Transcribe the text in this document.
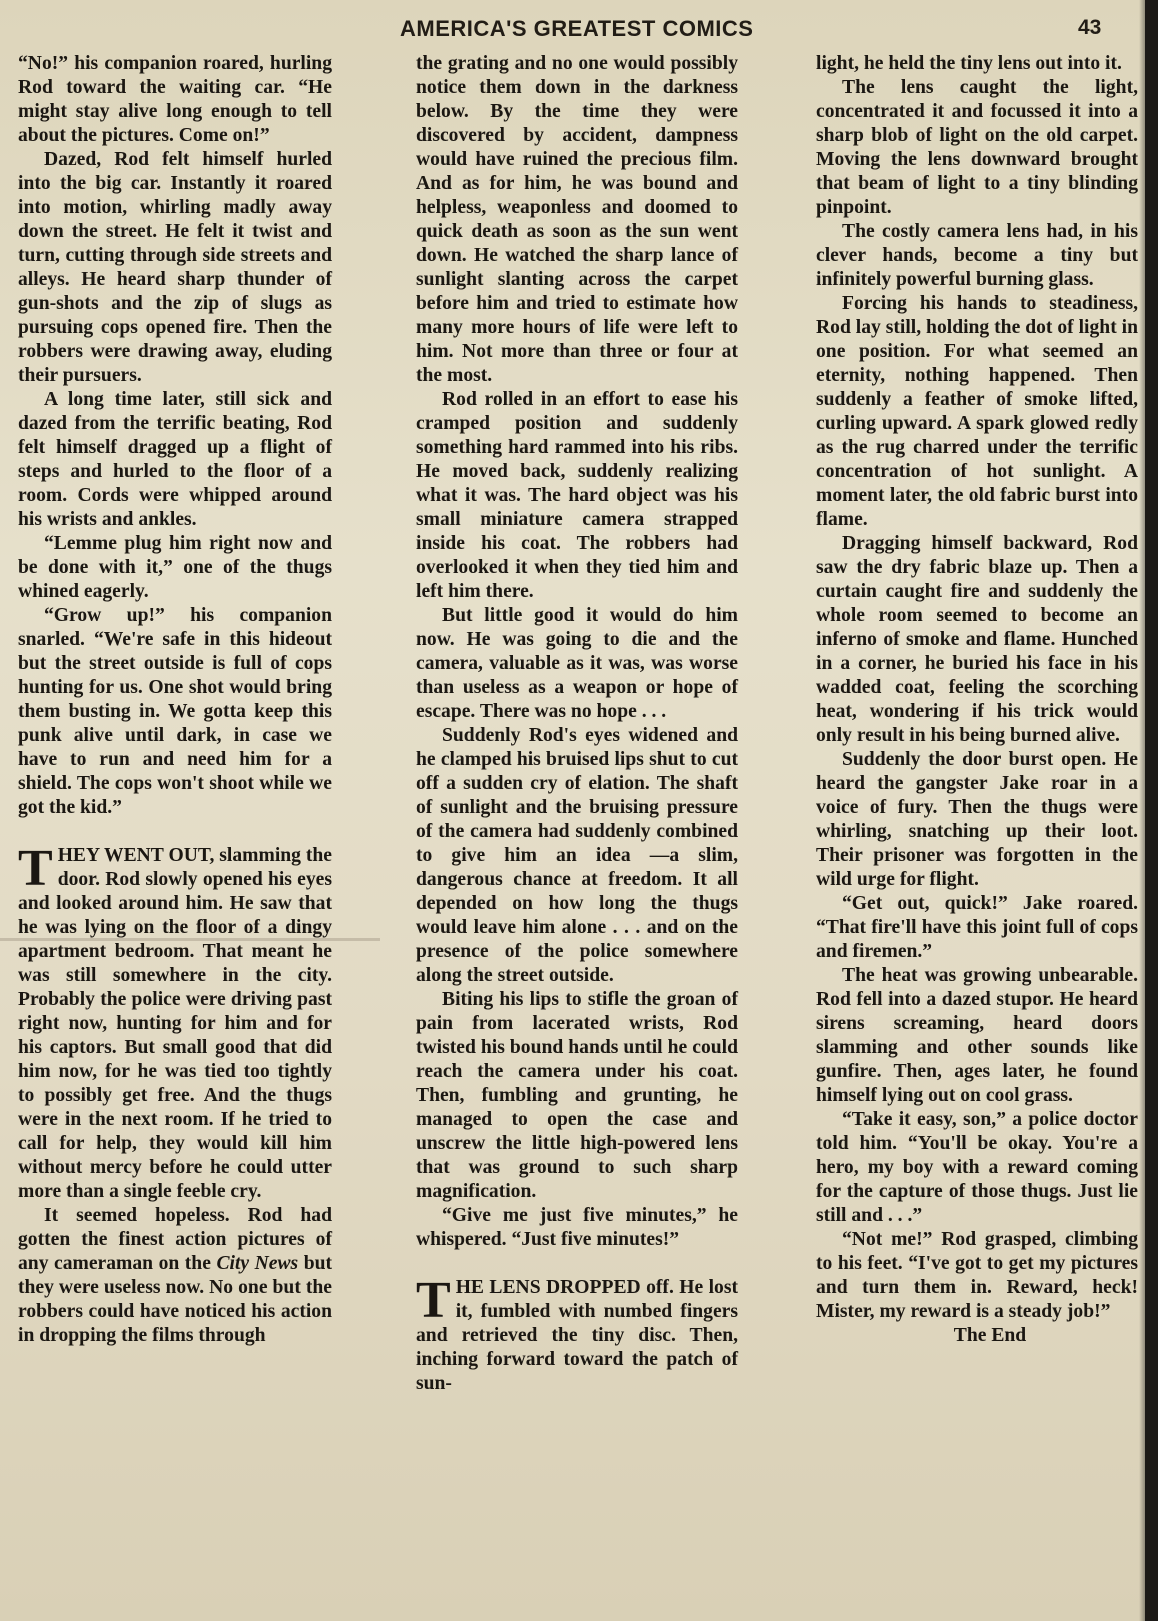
AMERICA'S GREATEST COMICS	43

“No!” his companion roared, hurling Rod toward the waiting car. “He might stay alive long enough to tell about the pictures. Come on!”

Dazed, Rod felt himself hurled into the big car. Instantly it roared into motion, whirling madly away down the street. He felt it twist and turn, cutting through side streets and alleys. He heard sharp thunder of gun-shots and the zip of slugs as pursuing cops opened fire. Then the robbers were drawing away, eluding their pursuers.

A long time later, still sick and dazed from the terrific beating, Rod felt himself dragged up a flight of steps and hurled to the floor of a room. Cords were whipped around his wrists and ankles.

“Lemme plug him right now and be done with it,” one of the thugs whined eagerly.

“Grow up!” his companion snarled. “We're safe in this hideout but the street outside is full of cops hunting for us. One shot would bring them busting in. We gotta keep this punk alive until dark, in case we have to run and need him for a shield. The cops won't shoot while we got the kid.”

THEY WENT OUT, slamming the door. Rod slowly opened his eyes and looked around him. He saw that he was lying on the floor of a dingy apartment bedroom. That meant he was still somewhere in the city. Probably the police were driving past right now, hunting for him and for his captors. But small good that did him now, for he was tied too tightly to possibly get free. And the thugs were in the next room. If he tried to call for help, they would kill him without mercy before he could utter more than a single feeble cry.

It seemed hopeless. Rod had gotten the finest action pictures of any cameraman on the City News but they were useless now. No one but the robbers could have noticed his action in dropping the films through

the grating and no one would possibly notice them down in the darkness below. By the time they were discovered by accident, dampness would have ruined the precious film. And as for him, he was bound and helpless, weaponless and doomed to quick death as soon as the sun went down. He watched the sharp lance of sunlight slanting across the carpet before him and tried to estimate how many more hours of life were left to him. Not more than three or four at the most.

Rod rolled in an effort to ease his cramped position and suddenly something hard rammed into his ribs. He moved back, suddenly realizing what it was. The hard object was his small miniature camera strapped inside his coat. The robbers had overlooked it when they tied him and left him there.

But little good it would do him now. He was going to die and the camera, valuable as it was, was worse than useless as a weapon or hope of escape. There was no hope . . .

Suddenly Rod's eyes widened and he clamped his bruised lips shut to cut off a sudden cry of elation. The shaft of sunlight and the bruising pressure of the camera had suddenly combined to give him an idea —a slim, dangerous chance at freedom. It all depended on how long the thugs would leave him alone . . . and on the presence of the police somewhere along the street outside.

Biting his lips to stifle the groan of pain from lacerated wrists, Rod twisted his bound hands until he could reach the camera under his coat. Then, fumbling and grunting, he managed to open the case and unscrew the little high-powered lens that was ground to such sharp magnification.

“Give me just five minutes,” he whispered. “Just five minutes!”

THE LENS DROPPED off. He lost it, fumbled with numbed fingers and retrieved the tiny disc. Then, inching forward toward the patch of sun-

light, he held the tiny lens out into it.

The lens caught the light, concentrated it and focussed it into a sharp blob of light on the old carpet. Moving the lens downward brought that beam of light to a tiny blinding pinpoint.

The costly camera lens had, in his clever hands, become a tiny but infinitely powerful burning glass.

Forcing his hands to steadiness, Rod lay still, holding the dot of light in one position. For what seemed an eternity, nothing happened. Then suddenly a feather of smoke lifted, curling upward. A spark glowed redly as the rug charred under the terrific concentration of hot sunlight. A moment later, the old fabric burst into flame.

Dragging himself backward, Rod saw the dry fabric blaze up. Then a curtain caught fire and suddenly the whole room seemed to become an inferno of smoke and flame. Hunched in a corner, he buried his face in his wadded coat, feeling the scorching heat, wondering if his trick would only result in his being burned alive.

Suddenly the door burst open. He heard the gangster Jake roar in a voice of fury. Then the thugs were whirling, snatching up their loot. Their prisoner was forgotten in the wild urge for flight.

“Get out, quick!” Jake roared. “That fire'll have this joint full of cops and firemen.”

The heat was growing unbearable. Rod fell into a dazed stupor. He heard sirens screaming, heard doors slamming and other sounds like gunfire. Then, ages later, he found himself lying out on cool grass.

“Take it easy, son,” a police doctor told him. “You'll be okay. You're a hero, my boy with a reward coming for the capture of those thugs. Just lie still and . . .”

“Not me!” Rod grasped, climbing to his feet. “I've got to get my pictures and turn them in. Reward, heck! Mister, my reward is a steady job!”

The End
